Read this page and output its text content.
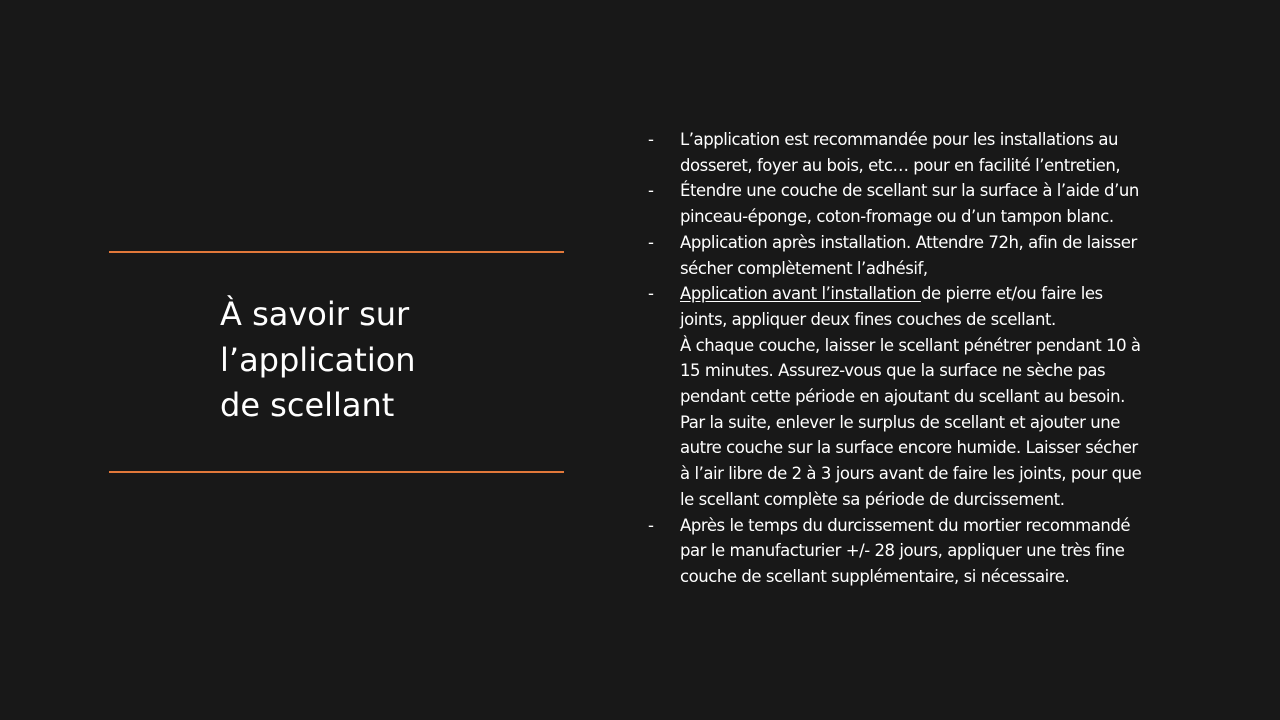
À savoir sur
l’application
de scellant
-	L’application est recommandée pour les installations au
dosseret, foyer au bois, etc… pour en facilité l’entretien,
-	Étendre une couche de scellant sur la surface à l’aide d’un
pinceau-éponge, coton-fromage ou d’un tampon blanc.
-	Application après installation. Attendre 72h, afin de laisser
sécher complètement l’adhésif,
-	Application avant l’installation de pierre et/ou faire les
joints, appliquer deux fines couches de scellant.
À chaque couche, laisser le scellant pénétrer pendant 10 à
15 minutes. Assurez-vous que la surface ne sèche pas
pendant cette période en ajoutant du scellant au besoin.
Par la suite, enlever le surplus de scellant et ajouter une
autre couche sur la surface encore humide. Laisser sécher
à l’air libre de 2 à 3 jours avant de faire les joints, pour que
le scellant complète sa période de durcissement.
-	Après le temps du durcissement du mortier recommandé
par le manufacturier +/- 28 jours, appliquer une très fine
couche de scellant supplémentaire, si nécessaire.
